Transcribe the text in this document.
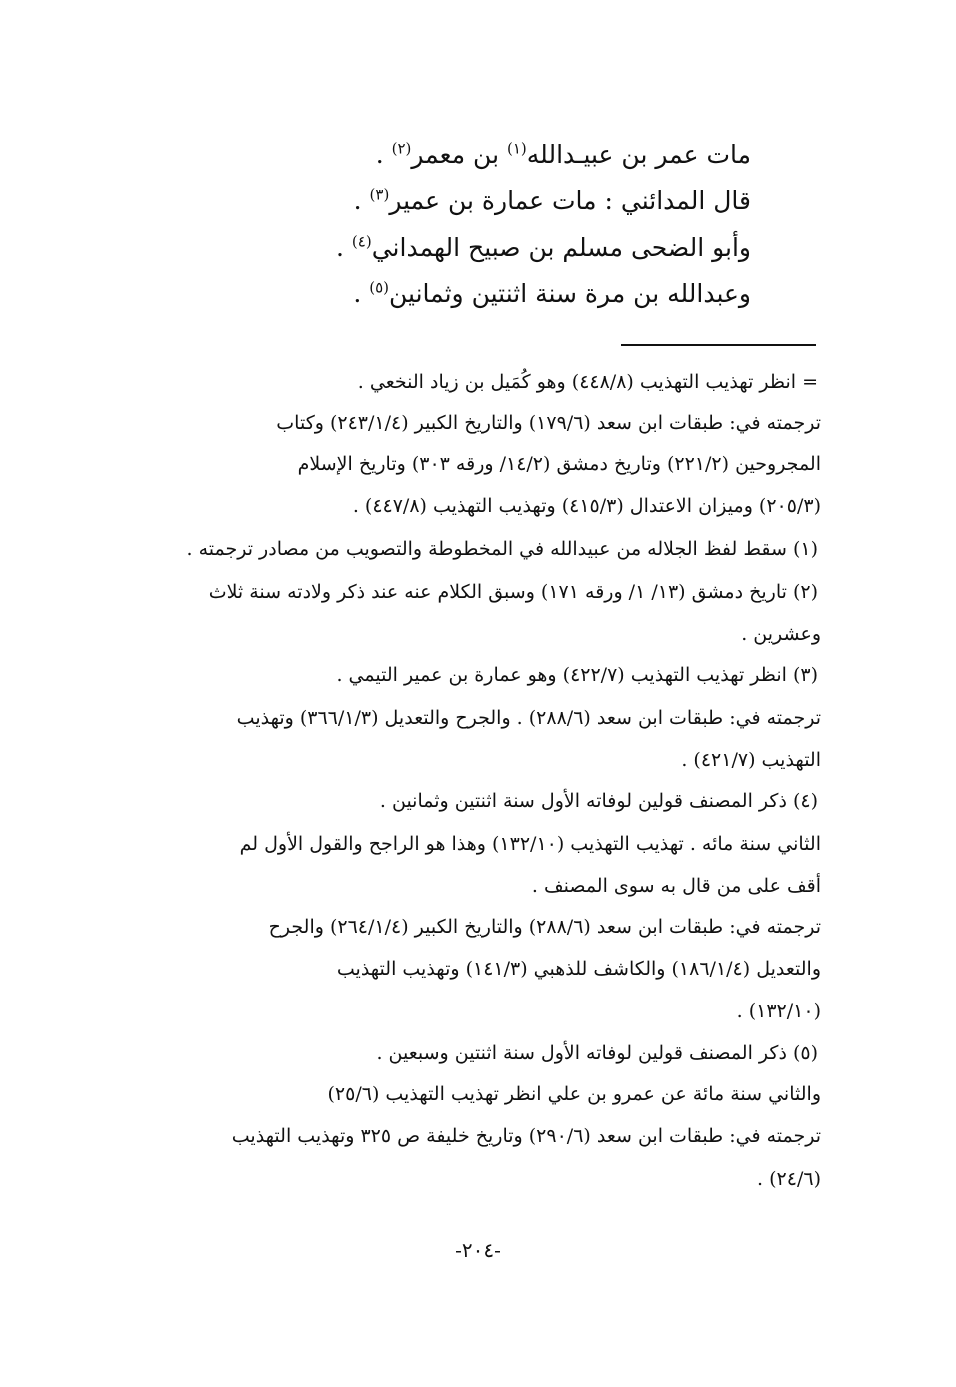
مات عمر بن عبيـدالله$^{(١)}$ بن معمر$^{(٢)}$ .
قال المدائني : مات عمارة بن عمير$^{(٣)}$ .
وأبو الضحى مسلم بن صبيح الهمداني$^{(٤)}$ .
وعبدالله بن مرة سنة اثنتين وثمانين$^{(٥)}$ .
= انظر تهذيب التهذيب (٤٤٨/٨) وهو كُمَيل بن زياد النخعي .
ترجمته في: طبقات ابن سعد (١٧٩/٦) والتاريخ الكبير (٢٤٣/١/٤) وكتاب
المجروحين (٢٢١/٢) وتاريخ دمشق (١٤/٢/ ورقه ٣٠٣) وتاريخ الإسلام
(٢٠٥/٣) وميزان الاعتدال (٤١٥/٣) وتهذيب التهذيب (٤٤٧/٨) .
(١) سقط لفظ الجلاله من عبيدالله في المخطوطة والتصويب من مصادر ترجمته .
(٢) تاريخ دمشق (١٣/ ١/ ورقه ١٧١) وسبق الكلام عنه عند ذكر ولادته سنة ثلاث
وعشرين .
(٣) انظر تهذيب التهذيب (٤٢٢/٧) وهو عمارة بن عمير التيمي .
ترجمته في: طبقات ابن سعد (٢٨٨/٦) . والجرح والتعديل (٣٦٦/١/٣) وتهذيب
التهذيب (٤٢١/٧) .
(٤) ذكر المصنف قولين لوفاته الأول سنة اثنتين وثمانين .
الثاني سنة مائه . تهذيب التهذيب (١٣٢/١٠) وهذا هو الراجح والقول الأول لم
أقف على من قال به سوى المصنف .
ترجمته في: طبقات ابن سعد (٢٨٨/٦) والتاريخ الكبير (٢٦٤/١/٤) والجرح
والتعديل (١٨٦/١/٤) والكاشف للذهبي (١٤١/٣) وتهذيب التهذيب
(١٣٢/١٠) .
(٥) ذكر المصنف قولين لوفاته الأول سنة اثنتين وسبعين .
والثاني سنة مائة عن عمرو بن علي انظر تهذيب التهذيب (٢٥/٦)
ترجمته في: طبقات ابن سعد (٢٩٠/٦) وتاريخ خليفة ص ٣٢٥ وتهذيب التهذيب
(٢٤/٦) .
-٢٠٤-
